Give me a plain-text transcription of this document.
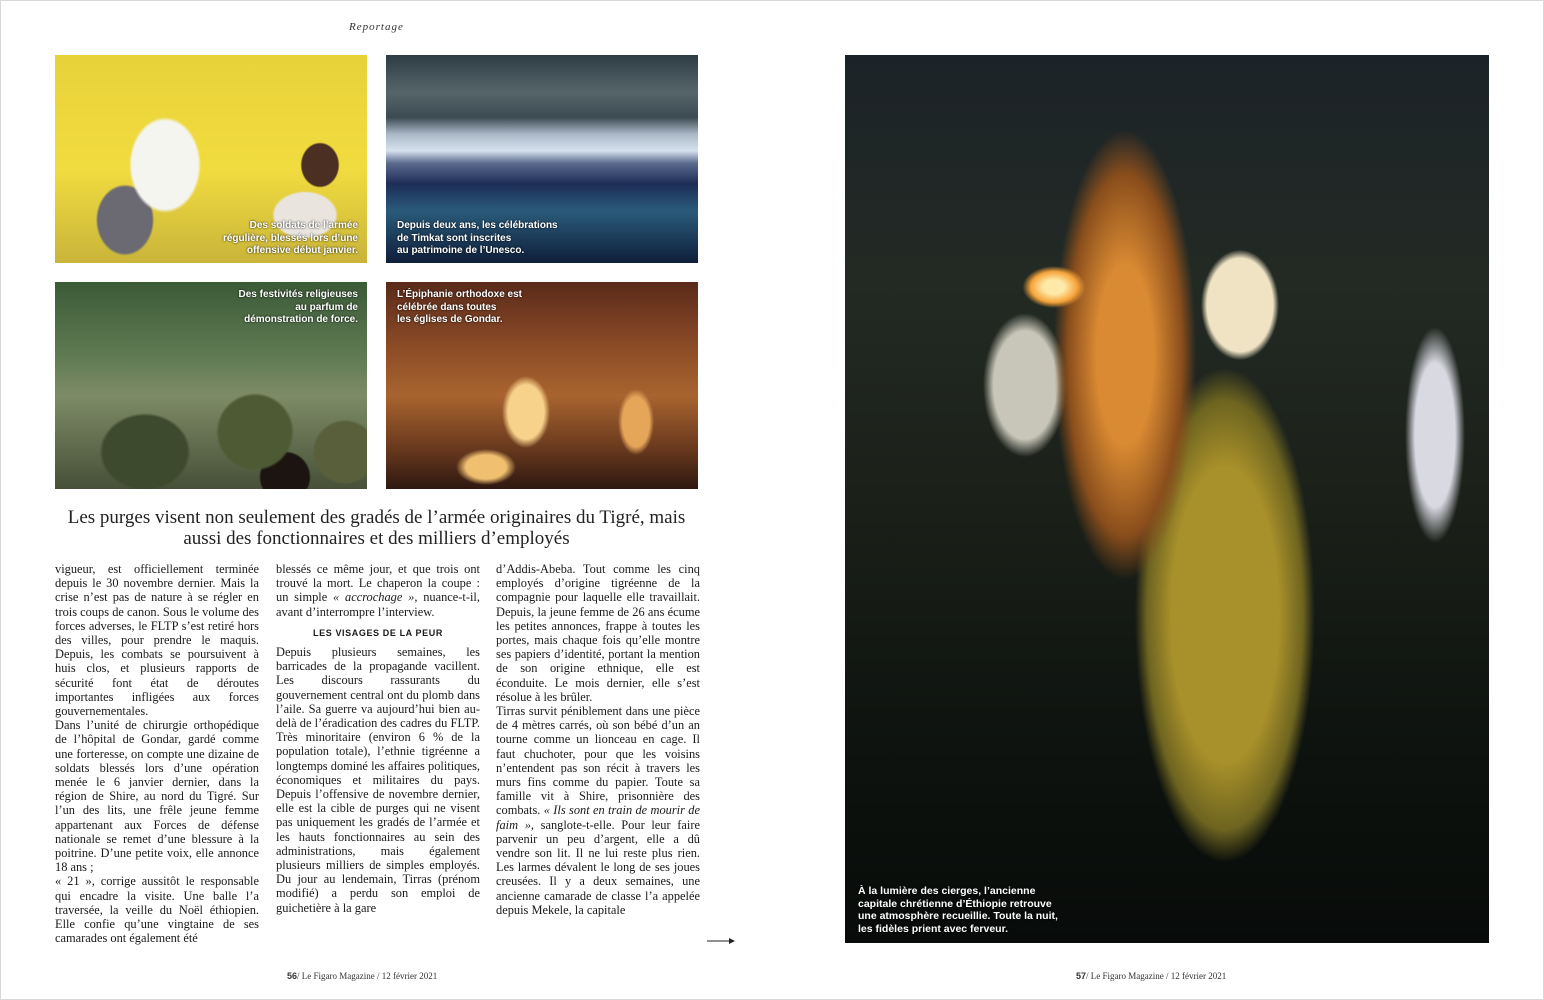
Reportage
Des soldats de l’armée
régulière, blessés lors d’une
offensive début janvier.
Depuis deux ans, les célébrations
de Timkat sont inscrites
au patrimoine de l’Unesco.
Des festivités religieuses
au parfum de
démonstration de force.
L’Épiphanie orthodoxe est
célébrée dans toutes
les églises de Gondar.
À la lumière des cierges, l’ancienne
capitale chrétienne d’Éthiopie retrouve
une atmosphère recueillie. Toute la nuit,
les fidèles prient avec ferveur.
Les purges visent non seulement des gradés de l’armée originaires du Tigré, mais aussi des fonctionnaires et des milliers d’employés

vigueur, est officiellement terminée depuis le 30 novembre dernier. Mais la crise n’est pas de nature à se régler en trois coups de canon. Sous le volume des forces adverses, le FLTP s’est retiré hors des villes, pour prendre le maquis. Depuis, les combats se poursuivent à huis clos, et plusieurs rapports de sécurité font état de déroutes importantes infligées aux forces gouvernementales.

Dans l’unité de chirurgie orthopédique de l’hôpital de Gondar, gardé comme une forteresse, on compte une dizaine de soldats blessés lors d’une opération menée le 6 janvier dernier, dans la région de Shire, au nord du Tigré. Sur l’un des lits, une frêle jeune femme appartenant aux Forces de défense nationale se remet d’une blessure à la poitrine. D’une petite voix, elle annonce 18 ans ;

« 21 », corrige aussitôt le responsable qui encadre la visite. Une balle l’a traversée, la veille du Noël éthiopien. Elle confie qu’une vingtaine de ses camarades ont également été

blessés ce même jour, et que trois ont trouvé la mort. Le chaperon la coupe : un simple « accrochage », nuance-t-il, avant d’interrompre l’interview.

LES VISAGES DE LA PEUR

Depuis plusieurs semaines, les barricades de la propagande vacillent. Les discours rassurants du gouvernement central ont du plomb dans l’aile. Sa guerre va aujourd’hui bien au-delà de l’éradication des cadres du FLTP. Très minoritaire (environ 6 % de la population totale), l’ethnie tigréenne a longtemps dominé les affaires politiques, économiques et militaires du pays. Depuis l’offensive de novembre dernier, elle est la cible de purges qui ne visent pas uniquement les gradés de l’armée et les hauts fonctionnaires au sein des administrations, mais également plusieurs milliers de simples employés. Du jour au lendemain, Tirras (prénom modifié) a perdu son emploi de guichetière à la gare

d’Addis-Abeba. Tout comme les cinq employés d’origine tigréenne de la compagnie pour laquelle elle travaillait. Depuis, la jeune femme de 26 ans écume les petites annonces, frappe à toutes les portes, mais chaque fois qu’elle montre ses papiers d’identité, portant la mention de son origine ethnique, elle est éconduite. Le mois dernier, elle s’est résolue à les brûler.

Tirras survit péniblement dans une pièce de 4 mètres carrés, où son bébé d’un an tourne comme un lionceau en cage. Il faut chuchoter, pour que les voisins n’entendent pas son récit à travers les murs fins comme du papier. Toute sa famille vit à Shire, prisonnière des combats. « Ils sont en train de mourir de faim », sanglote-t-elle. Pour leur faire parvenir un peu d’argent, elle a dû vendre son lit. Il ne lui reste plus rien. Les larmes dévalent le long de ses joues creusées. Il y a deux semaines, une ancienne camarade de classe l’a appelée depuis Mekele, la capitale

56/ Le Figaro Magazine / 12 février 2021	57/ Le Figaro Magazine / 12 février 2021
